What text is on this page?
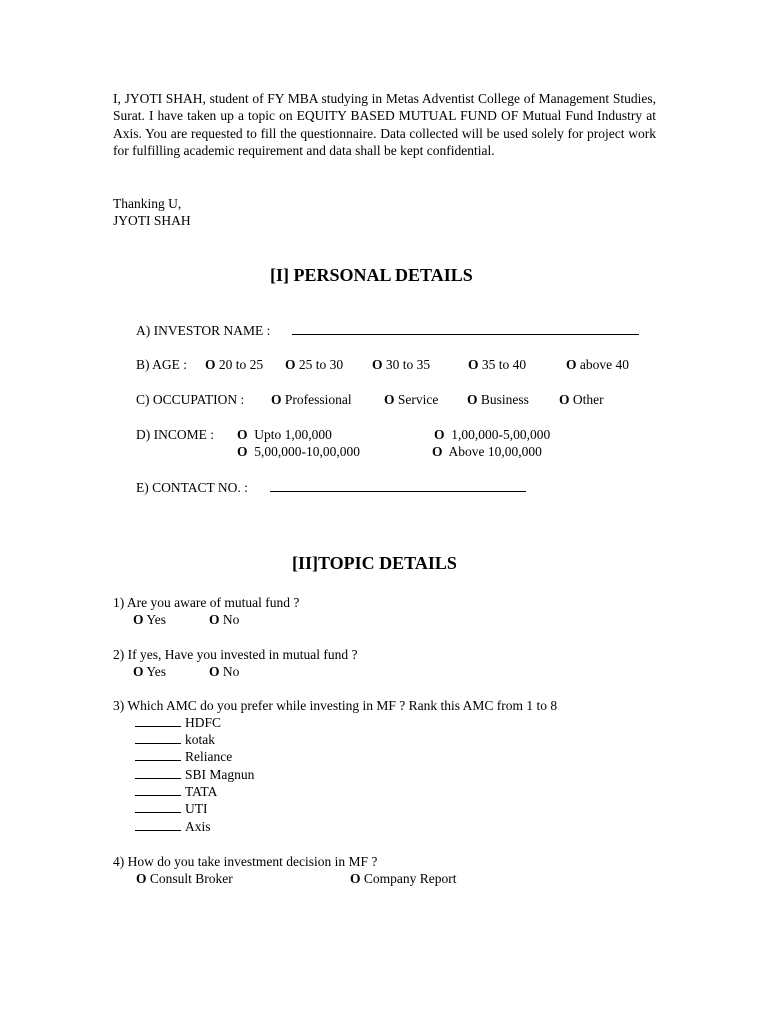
I, JYOTI SHAH, student of FY MBA studying in Metas Adventist College of Management Studies, Surat. I have taken up a topic on EQUITY BASED MUTUAL FUND OF Mutual Fund Industry at Axis. You are requested to fill the questionnaire. Data collected will be used solely for project work for fulfilling academic requirement and data shall be kept confidential.

Thanking U,
JYOTI SHAH
[I] PERSONAL DETAILS
A) INVESTOR NAME :
B) AGE : O 20 to 25 O 25 to 30 O 30 to 35	O 35 to 40	O above 40
C) OCCUPATION : O Professional O Service O Business O Other
D) INCOME : O Upto 1,00,000	O 1,00,000-5,00,000
O 5,00,000-10,00,000	O Above 10,00,000
E) CONTACT NO. :
[II]TOPIC DETAILS
1) Are you aware of mutual fund ?
O Yes	O No
2) If yes, Have you invested in mutual fund ?
O Yes	O No
3) Which AMC do you prefer while investing in MF ? Rank this AMC from 1 to 8
HDFC
kotak
Reliance
SBI Magnun
TATA
UTI
Axis
4) How do you take investment decision in MF ?
O Consult Broker	O Company Report
